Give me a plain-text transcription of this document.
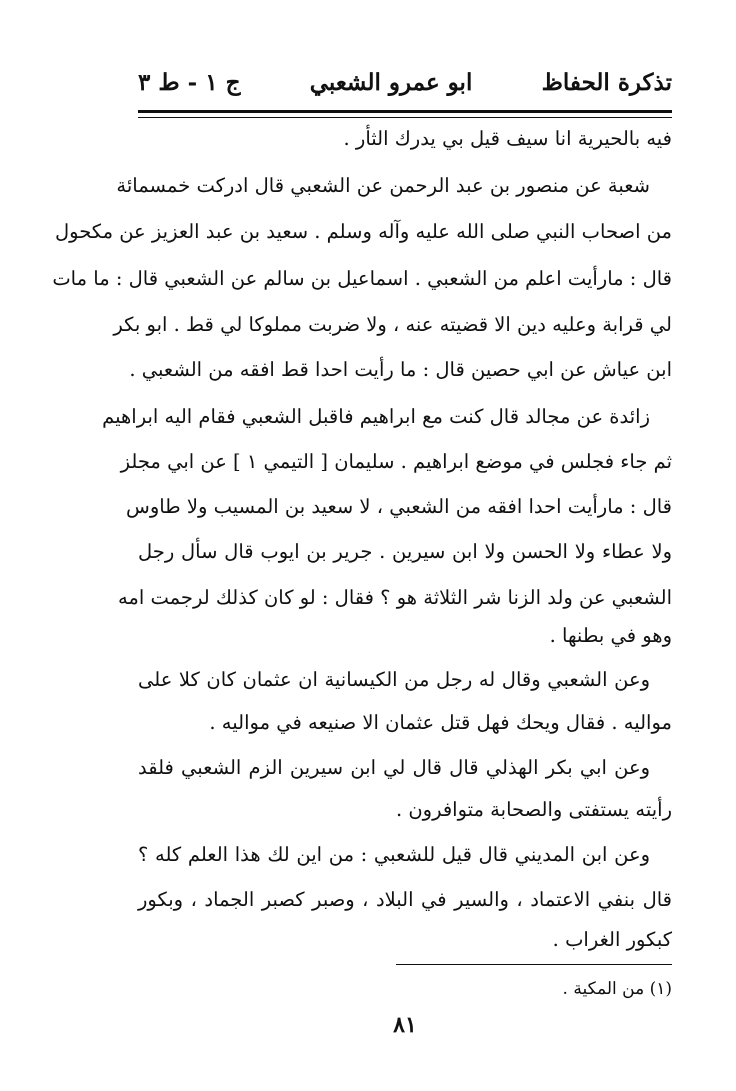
تذكرة الحفاظ
ابو عمرو الشعبي
ج ١ - ط ٣
فيه بالحيرية انا سيف قيل بي يدرك الثأر .
شعبة عن منصور بن عبد الرحمن عن الشعبي قال ادركت خمسمائة
من اصحاب النبي صلى الله عليه وآله وسلم . سعيد بن عبد العزيز عن مكحول
قال : مارأيت اعلم من الشعبي . اسماعيل بن سالم عن الشعبي قال : ما مات
لي قرابة وعليه دين الا قضيته عنه ، ولا ضربت مملوكا لي قط . ابو بكر
ابن عياش عن ابي حصين قال : ما رأيت احدا قط افقه من الشعبي .
زائدة عن مجالد قال كنت مع ابراهيم فاقبل الشعبي فقام اليه ابراهيم
ثم جاء فجلس في موضع ابراهيم . سليمان [ التيمي ١ ] عن ابي مجلز
قال : مارأيت احدا افقه من الشعبي ، لا سعيد بن المسيب ولا طاوس
ولا عطاء ولا الحسن ولا ابن سيرين . جرير بن ايوب قال سأل رجل
الشعبي عن ولد الزنا شر الثلاثة هو ؟ فقال : لو كان كذلك لرجمت امه
وهو في بطنها .
وعن الشعبي وقال له رجل من الكيسانية ان عثمان كان كلا على
مواليه . فقال ويحك فهل قتل عثمان الا صنيعه في مواليه .
وعن ابي بكر الهذلي قال قال لي ابن سيرين الزم الشعبي فلقد
رأيته يستفتى والصحابة متوافرون .
وعن ابن المديني قال قيل للشعبي : من اين لك هذا العلم كله ؟
قال بنفي الاعتماد ، والسير في البلاد ، وصبر كصبر الجماد ، وبكور
كبكور الغراب .
(١) من المكية .
٨١
